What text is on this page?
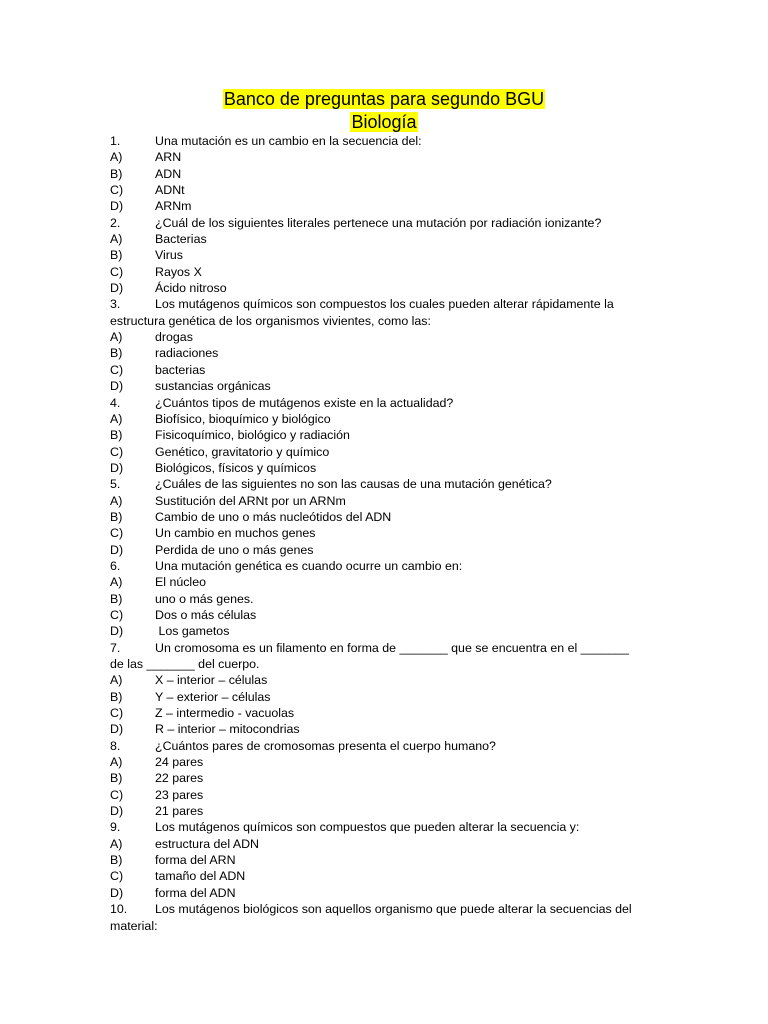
Banco de preguntas para segundo BGU
Biología
1.	Una mutación es un cambio en la secuencia del:
A)	ARN
B)	ADN
C)	ADNt
D)	ARNm
2.	¿Cuál de los siguientes literales pertenece una mutación por radiación ionizante?
A)	Bacterias
B)	Virus
C)	Rayos X
D)	Ácido nitroso
3.	Los mutágenos químicos son compuestos los cuales pueden alterar rápidamente la
estructura genética de los organismos vivientes, como las:
A)	drogas
B)	radiaciones
C)	bacterias
D)	sustancias orgánicas
4.	¿Cuántos tipos de mutágenos existe en la actualidad?
A)	Biofísico, bioquímico y biológico
B)	Fisicoquímico, biológico y radiación
C)	Genético, gravitatorio y químico
D)	Biológicos, físicos y químicos
5.	¿Cuáles de las siguientes no son las causas de una mutación genética?
A)	Sustitución del ARNt por un ARNm
B)	Cambio de uno o más nucleótidos del ADN
C)	Un cambio en muchos genes
D)	Perdida de uno o más genes
6.	Una mutación genética es cuando ocurre un cambio en:
A)	El núcleo
B)	uno o más genes.
C)	Dos o más células
D)	Los gametos
7.	Un cromosoma es un filamento en forma de _______ que se encuentra en el _______
de las _______ del cuerpo.
A)	X – interior – células
B)	Y – exterior – células
C)	Z – intermedio - vacuolas
D)	R – interior – mitocondrias
8.	¿Cuántos pares de cromosomas presenta el cuerpo humano?
A)	24 pares
B)	22 pares
C)	23 pares
D)	21 pares
9.	Los mutágenos químicos son compuestos que pueden alterar la secuencia y:
A)	estructura del ADN
B)	forma del ARN
C)	tamaño del ADN
D)	forma del ADN
10. Los mutágenos biológicos son aquellos organismo que puede alterar la secuencias del
material:
